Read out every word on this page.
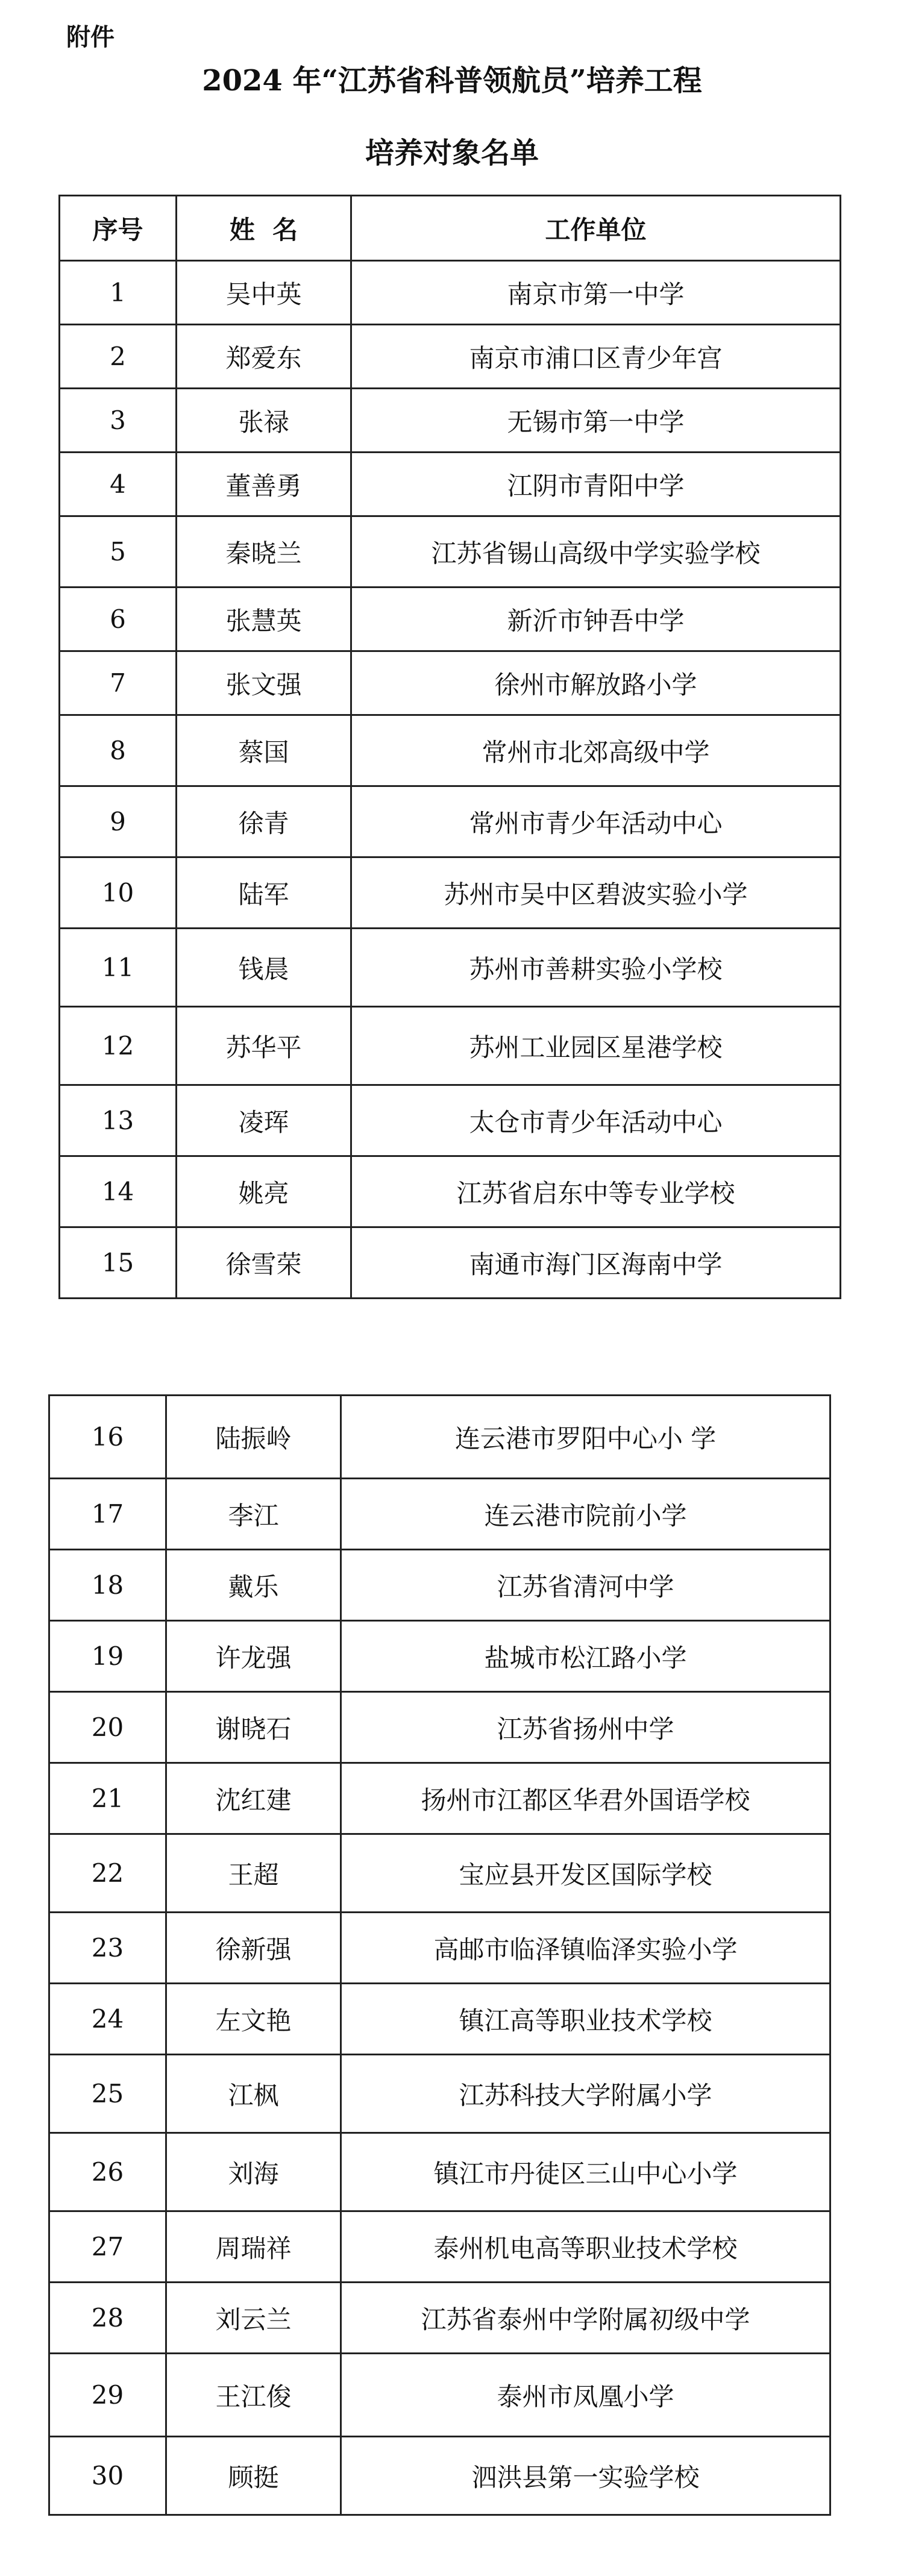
附件
2024 年“江苏省科普领航员”培养工程
培养对象名单
序号	姓  名	工作单位
1	吴中英	南京市第一中学
2	郑爱东	南京市浦口区青少年宫
3	张禄	无锡市第一中学
4	董善勇	江阴市青阳中学
5	秦晓兰	江苏省锡山高级中学实验学校
6	张慧英	新沂市钟吾中学
7	张文强	徐州市解放路小学
8	蔡国	常州市北郊高级中学
9	徐青	常州市青少年活动中心
10	陆军	苏州市吴中区碧波实验小学
11	钱晨	苏州市善耕实验小学校
12	苏华平	苏州工业园区星港学校
13	凌珲	太仓市青少年活动中心
14	姚亮	江苏省启东中等专业学校
15	徐雪荣	南通市海门区海南中学
16	陆振岭	连云港市罗阳中心小 学
17	李江	连云港市院前小学
18	戴乐	江苏省清河中学
19	许龙强	盐城市松江路小学
20	谢晓石	江苏省扬州中学
21	沈红建	扬州市江都区华君外国语学校
22	王超	宝应县开发区国际学校
23	徐新强	高邮市临泽镇临泽实验小学
24	左文艳	镇江高等职业技术学校
25	江枫	江苏科技大学附属小学
26	刘海	镇江市丹徒区三山中心小学
27	周瑞祥	泰州机电高等职业技术学校
28	刘云兰	江苏省泰州中学附属初级中学
29	王江俊	泰州市凤凰小学
30	顾挺	泗洪县第一实验学校
